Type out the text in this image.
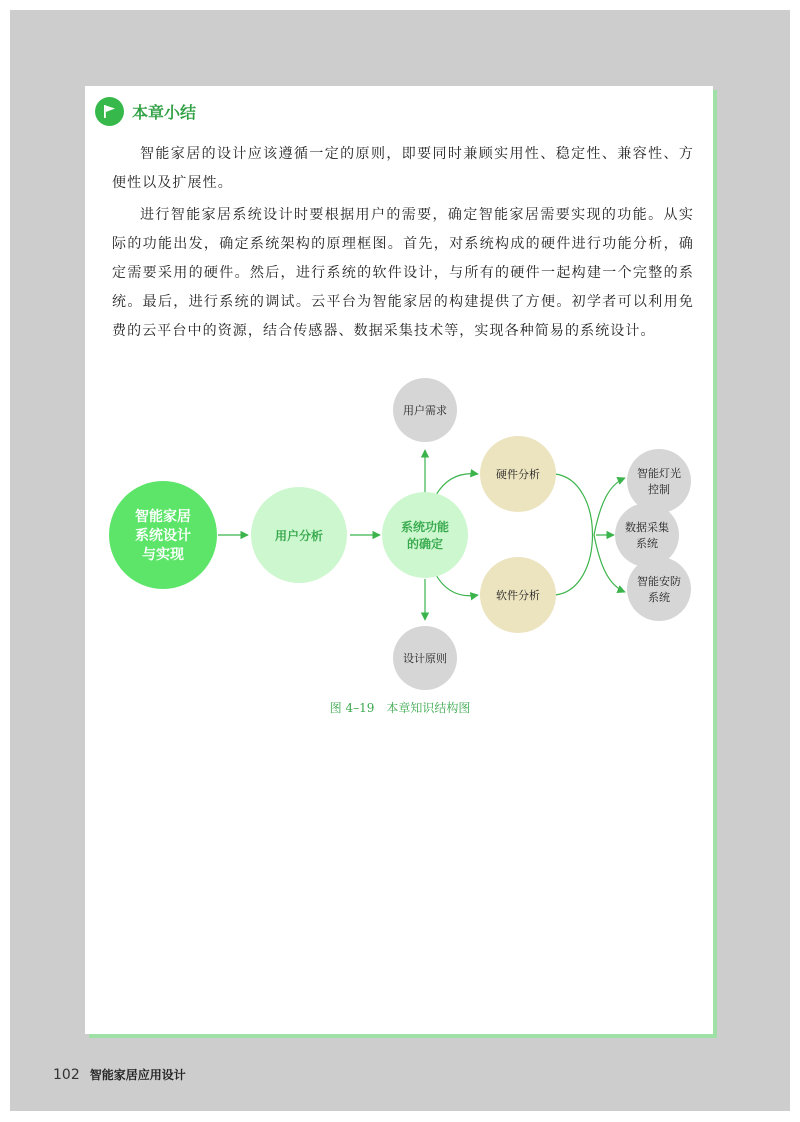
本章小结

智能家居的设计应该遵循一定的原则，即要同时兼顾实用性、稳定性、兼容性、方便性以及扩展性。

进行智能家居系统设计时要根据用户的需要，确定智能家居需要实现的功能。从实际的功能出发，确定系统架构的原理框图。首先，对系统构成的硬件进行功能分析，确定需要采用的硬件。然后，进行系统的软件设计，与所有的硬件一起构建一个完整的系统。最后，进行系统的调试。云平台为智能家居的构建提供了方便。初学者可以利用免费的云平台中的资源，结合传感器、数据采集技术等，实现各种简易的系统设计。

智能家居
系统设计
与实现
用户分析
系统功能
的确定
用户需求
设计原则
硬件分析
软件分析
智能灯光
控制
数据采集
系统
智能安防
系统
图 4–19　本章知识结构图
102 智能家居应用设计
